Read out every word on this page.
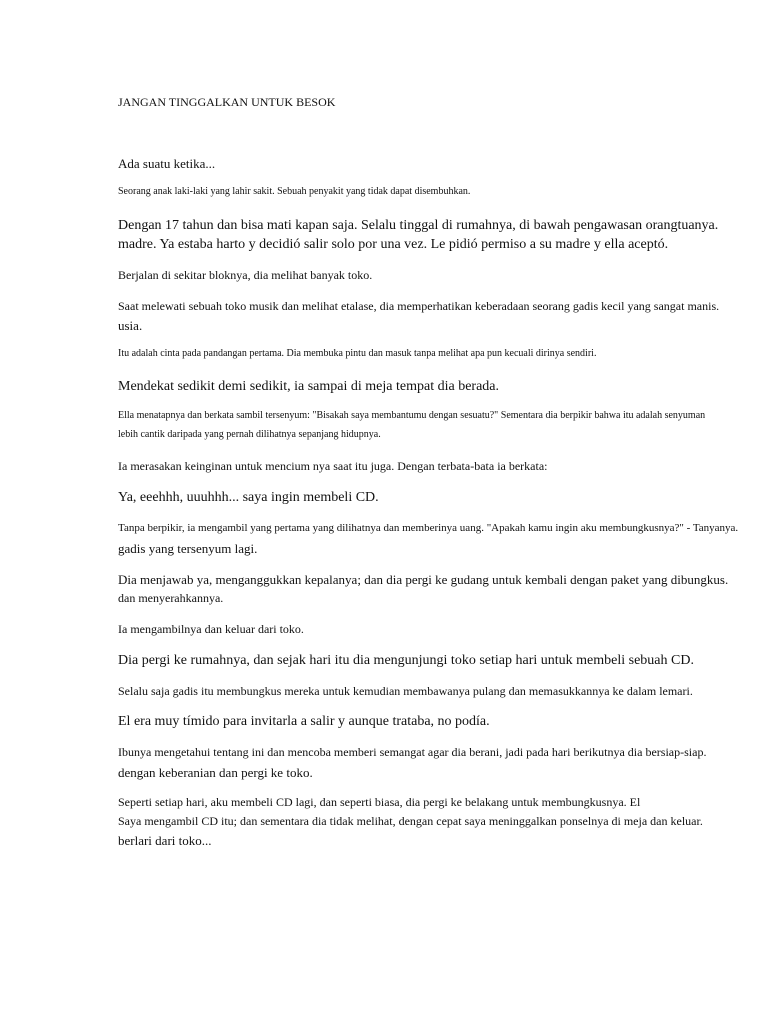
JANGAN TINGGALKAN UNTUK BESOK
Ada suatu ketika...
Seorang anak laki-laki yang lahir sakit. Sebuah penyakit yang tidak dapat disembuhkan.
Dengan 17 tahun dan bisa mati kapan saja. Selalu tinggal di rumahnya, di bawah pengawasan orangtuanya.
madre. Ya estaba harto y decidió salir solo por una vez. Le pidió permiso a su madre y ella aceptó.
Berjalan di sekitar bloknya, dia melihat banyak toko.
Saat melewati sebuah toko musik dan melihat etalase, dia memperhatikan keberadaan seorang gadis kecil yang sangat manis.
usia.
Itu adalah cinta pada pandangan pertama. Dia membuka pintu dan masuk tanpa melihat apa pun kecuali dirinya sendiri.
Mendekat sedikit demi sedikit, ia sampai di meja tempat dia berada.
Ella menatapnya dan berkata sambil tersenyum: "Bisakah saya membantumu dengan sesuatu?" Sementara dia berpikir bahwa itu adalah senyuman
lebih cantik daripada yang pernah dilihatnya sepanjang hidupnya.
Ia merasakan keinginan untuk mencium nya saat itu juga. Dengan terbata-bata ia berkata:
Ya, eeehhh, uuuhhh... saya ingin membeli CD.
Tanpa berpikir, ia mengambil yang pertama yang dilihatnya dan memberinya uang. "Apakah kamu ingin aku membungkusnya?" - Tanyanya.
gadis yang tersenyum lagi.
Dia menjawab ya, menganggukkan kepalanya; dan dia pergi ke gudang untuk kembali dengan paket yang dibungkus.
dan menyerahkannya.
Ia mengambilnya dan keluar dari toko.
Dia pergi ke rumahnya, dan sejak hari itu dia mengunjungi toko setiap hari untuk membeli sebuah CD.
Selalu saja gadis itu membungkus mereka untuk kemudian membawanya pulang dan memasukkannya ke dalam lemari.
El era muy tímido para invitarla a salir y aunque trataba, no podía.
Ibunya mengetahui tentang ini dan mencoba memberi semangat agar dia berani, jadi pada hari berikutnya dia bersiap-siap.
dengan keberanian dan pergi ke toko.
Seperti setiap hari, aku membeli CD lagi, dan seperti biasa, dia pergi ke belakang untuk membungkusnya. El
Saya mengambil CD itu; dan sementara dia tidak melihat, dengan cepat saya meninggalkan ponselnya di meja dan keluar.
berlari dari toko...
